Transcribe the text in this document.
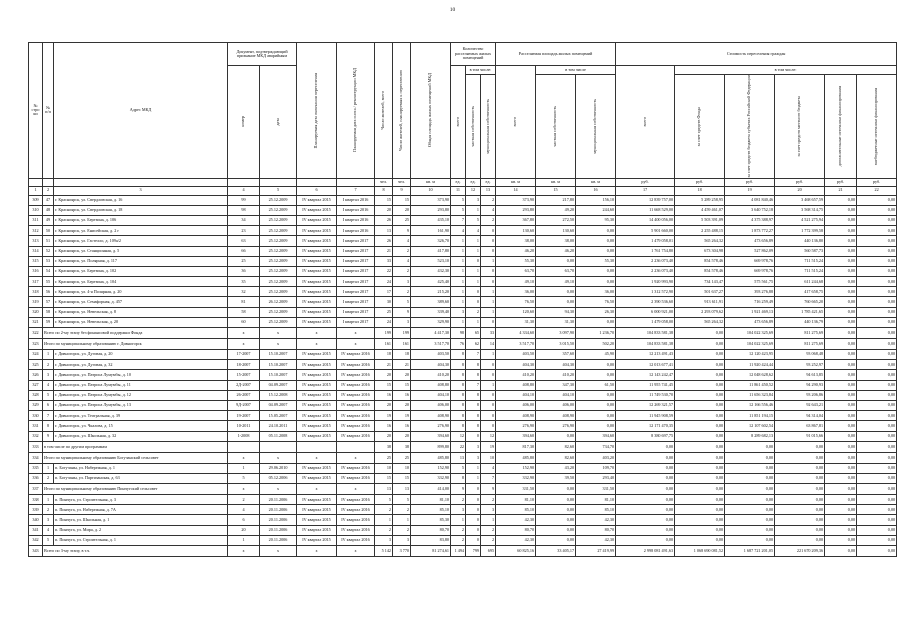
10
№ стро ки	№ п/п	Адрес МКД	Документ, подтверждающий признание МКД аварийным		Планируемая дата окончания переселения	Планируемая дата сноса / реконструкции МКД	Число жителей, всего	Число жителей, планируемых к переселению	Общая площадь жилых помещений МКД	Количество расселяемых жилых помещений			Расселяемая площадь жилых помещений			Стоимость переселения граждан					

			номер	дата						всего	в том числе:		всего	в том числе		всего	в том числе:				

											частная собственность	муниципальная собственность		частная собственность	муниципальная собственность		за счет средств Фонда	за счет средств бюджета субъекта Российской Федерации	за счет средств местного бюджета	дополнительные источники финансирования	внебюджетные источники финансирования

							чел.	чел.	кв. м	ед.	ед.	ед.	кв. м	кв. м	кв. м	руб.	руб.	руб.	руб.	руб.	руб.
1	2	3	4	5	6	7	8	9	10	11	12	13	14	15	16	17	18	19	20	21	22
309	47	г. Красноярск, ул. Свердловская, д. 16	99	25.12.2009	IV квартал 2015	I квартал 2016	15	15	373,90	5	3	2	373,90	217,80	156,10	12 839 757,00	5 289 258,95	4 081 840,46	3 468 657,59	0,00	0,00
310	48	г. Красноярск, ул. Свердловская, д. 18	98	25.12.2009	IV квартал 2015	I квартал 2016	20	20	293,80	5	1	4	293,80	49,20	244,60	11 668 529,00	4 459 461,07	3 640 752,18	3 568 314,75	0,00	0,00
311	49	г. Красноярск, ул. Березина, д. 106	34	25.12.2009	IV квартал 2015	I квартал 2016	26	25	435,10	7	5	2	367,80	272,50	95,30	14 400 056,00	5 503 391,09	4 375 388,97	4 521 275,94	0,00	0,00
312	50	г. Красноярск, ул. Енисейская, д. 2 г	23	25.12.2009	IV квартал 2015	I квартал 2016	13	9	161,90	4	4	0	130,60	130,60	0,00	5 901 660,00	2 255 488,15	1 873 772,27	1 772 399,58	0,00	0,00
313	51	г. Красноярск, ул. Гастелло, д. 109а/2	63	25.12.2009	IV квартал 2015	I квартал 2017	26	4	326,70	1	1	0	38,00	38,00	0,00	1 479 058,01	565 264,32	473 656,89	440 136,80	0,00	0,00
314	52	г. Красноярск, ул. Станционная, д. 5	66	25.12.2009	IV квартал 2015	I квартал 2017	21	2	417,80	1	1	0	46,20	46,20	0,00	1 761 754,80	673 304,98	527 862,09	560 587,73	0,00	0,00
315	53	г. Красноярск, ул. Полярная, д. 117	25	25.12.2009	IV квартал 2015	I квартал 2017	33	4	523,10	1	0	1	55,30	0,00	55,30	2 236 073,40	854 578,46	669 978,76	711 515,24	0,00	0,00
316	54	г. Красноярск, ул. Березина, д. 102	36	25.12.2009	IV квартал 2015	I квартал 2017	22	2	432,30	1	1	0	63,70	63,70	0,00	2 236 073,40	854 578,46	669 978,76	711 515,24	0,00	0,00
317	55	г. Красноярск, ул. Березина, д. 104	35	25.12.2009	IV квартал 2015	I квартал 2017	24	3	425,40	1	1	0	49,10	49,10	0,00	1 920 993,90	734 143,47	575 561,75	611 244,68	0,00	0,00
318	56	г. Красноярск, ул. 4-я Полярная, д. 20	32	25.12.2009	IV квартал 2015	I квартал 2017	17	2	215,20	1	0	1	36,00	0,00	36,00	1 312 572,90	501 637,27	393 276,88	417 658,75	0,00	0,00
319	57	г. Красноярск, ул. Семафорная, д. 457	81	26.12.2009	IV квартал 2015	I квартал 2017	30	5	389,60	1	0	1	76,50	0,00	76,50	2 390 536,60	913 611,91	716 259,49	760 665,20	0,00	0,00
320	58	г. Красноярск, ул. Невельская, д. 8	58	25.12.2009	IV квартал 2015	I квартал 2017	25	9	339,40	3	2	1	120,60	94,30	26,30	6 000 921,00	2 293 079,62	1 921 469,13	1 785 421,65	0,00	0,00
321	59	г. Красноярск, ул. Невельская, д. 20	60	25.12.2009	IV квартал 2015	I квартал 2017	24	3	329,90	1	1	0	31,30	31,30	0,00	1 479 058,00	565 264,32	473 656,89	440 136,79	0,00	0,00
322	Всего по 2-му этапу без финансовой поддержки Фонда		x	x	x	x	199	199	4 417,30	98	65	33	4 334,60	3 097,90	1 236,70	104 833 581,38	0,00	104 022 325,69	811 275,69	0,00	0,00
323	Итого по муниципальному образованию г. Дивногорск		x	x	x	x	161	161	3 517,70	76	62	14	3 517,70	3 015,50	502,20	104 833 581,38	0,00	104 022 325,69	811 275,69	0,00	0,00
324	1	г. Дивногорск, ул. Дуговая, д. 20	17-2007	15.10.2007	IV квартал 2015	IV квартал 2016	18	18	403,50	8	7	1	403,50	357,60	45,90	12 213 491,43	0,00	12 120 423,95	93 068,48	0,00	0,00
325	2	г. Дивногорск, ул. Дуговая, д. 32	18-2007	15.10.2007	IV квартал 2015	IV квартал 2016	21	21	404,30	8	8	0	404,30	404,30	0,00	12 013 677,41	0,00	11 920 424,44	93 252,97	0,00	0,00
326	3	г. Дивногорск, ул. Патриса Лумумбы, д. 10	15-2007	15.10.2007	IV квартал 2015	IV квартал 2016	20	20	410,20	8	8	0	410,20	410,20	0,00	12 143 242,47	0,00	12 048 628,62	94 613,85	0,00	0,00
327	4	г. Дивногорск, ул. Патриса Лумумбы, д. 11	2Д-2007	04.09.2007	IV квартал 2015	IV квартал 2016	15	15	408,80	8	7	1	408,80	347,30	61,50	11 955 741,45	0,00	11 861 450,52	94 290,93	0,00	0,00
328	5	г. Дивногорск, ул. Патриса Лумумбы, д. 12	26-2007	15.12.2008	IV квартал 2015	IV квартал 2016	16	16	404,10	8	8	0	404,10	404,10	0,00	11 749 530,70	0,00	11 656 323,84	93 206,86	0,00	0,00
329	6	г. Дивногорск, ул. Патриса Лумумбы, д. 13	9Д-2007	04.09.2007	IV квартал 2015	IV квартал 2016	20	20	406,00	8	8	0	406,00	406,00	0,00	12 269 321,57	0,00	12 166 556,46	92 643,21	0,00	0,00
330	7	г. Дивногорск, ул. Театральная, д. 39	19-2007	15.05.2007	IV квартал 2015	IV квартал 2016	19	19	408,90	8	8	0	408,90	408,90	0,00	11 945 908,59	0,00	11 851 194,15	94 314,04	0,00	0,00
331	8	г. Дивногорск, ул. Чкалова, д. 15	10-2011	24.10.2011	IV квартал 2015	IV квартал 2016	16	16	276,90	8	8	0	276,90	276,90	0,00	12 171 470,35	0,00	12 107 602,54	63 867,81	0,00	0,00
332	9	г. Дивногорск, ул. Школьная, д. 32	1-2008	05.11.2008	IV квартал 2015	IV квартал 2016	20	20	394,60	12	0	12	394,60	0,00	394,60	8 380 697,75	0,00	8 289 682,13	91 015,66	0,00	0,00
333	в том числе по другим программам						38	38	899,80	22	3	19	817,30	82,60	734,70	0,00	0,00	0,00	0,00	0,00	0,00
334	Итого по муниципальному образованию Богучанский сельсовет		x	x	x	x	25	25	485,80	13	3	10	485,80	82,60	403,20	0,00	0,00	0,00	0,00	0,00	0,00
335	1	п. Богучаны, ул. Набережная, д. 1	1	29.06.2010	IV квартал 2015	IV квартал 2016	10	10	152,90	5	1	4	152,90	43,20	109,70	0,00	0,00	0,00	0,00	0,00	0,00
336	2	п. Богучаны, ул. Партизанская, д. 63	5	05.12.2006	IV квартал 2015	IV квартал 2016	15	15	332,90	8	1	7	332,90	39,50	293,40	0,00	0,00	0,00	0,00	0,00	0,00
337	Итого по муниципальному образованию Пинчугский сельсовет		x	x	x	x	13	13	414,00	9	0	9	331,50	0,00	331,50	0,00	0,00	0,00	0,00	0,00	0,00
338	1	п. Пинчуга, ул. Строительная, д. 3	2	20.11.2006	IV квартал 2015	IV квартал 2016	5	5	81,10	2	0	2	81,10	0,00	81,10	0,00	0,00	0,00	0,00	0,00	0,00
339	2	п. Пинчуга, ул. Набережная, д. 7А	4	20.11.2006	IV квартал 2015	IV квартал 2016	2	2	85,10	3	0	3	85,10	0,00	85,10	0,00	0,00	0,00	0,00	0,00	0,00
340	3	п. Пинчуга, ул. Школьная, д. 1	6	20.11.2006	IV квартал 2015	IV квартал 2016	1	1	85,30	1	0	1	42,30	0,00	42,30	0,00	0,00	0,00	0,00	0,00	0,00
341	4	п. Пинчуга, ул. Мира, д. 2	20	20.11.2006	IV квартал 2015	IV квартал 2016	2	2	80,70	2	0	2	80,70	0,00	80,70	0,00	0,00	0,00	0,00	0,00	0,00
342	5	п. Пинчуга, ул. Строительная, д. 1	1	20.11.2006	IV квартал 2015	IV квартал 2016	3	3	83,80	2	0	2	42,30	0,00	42,30	0,00	0,00	0,00	0,00	0,00	0,00
343	Всего по 3-му этапу, в т.ч.		x	x	x	x	5 142	3 770	81 274,61	1 494	799	695	60 825,16	33 405,17	27 419,99	2 998 081 491,63	1 068 690 081,52	1 687 721 201,05	221 670 209,36	0,00	0,00
